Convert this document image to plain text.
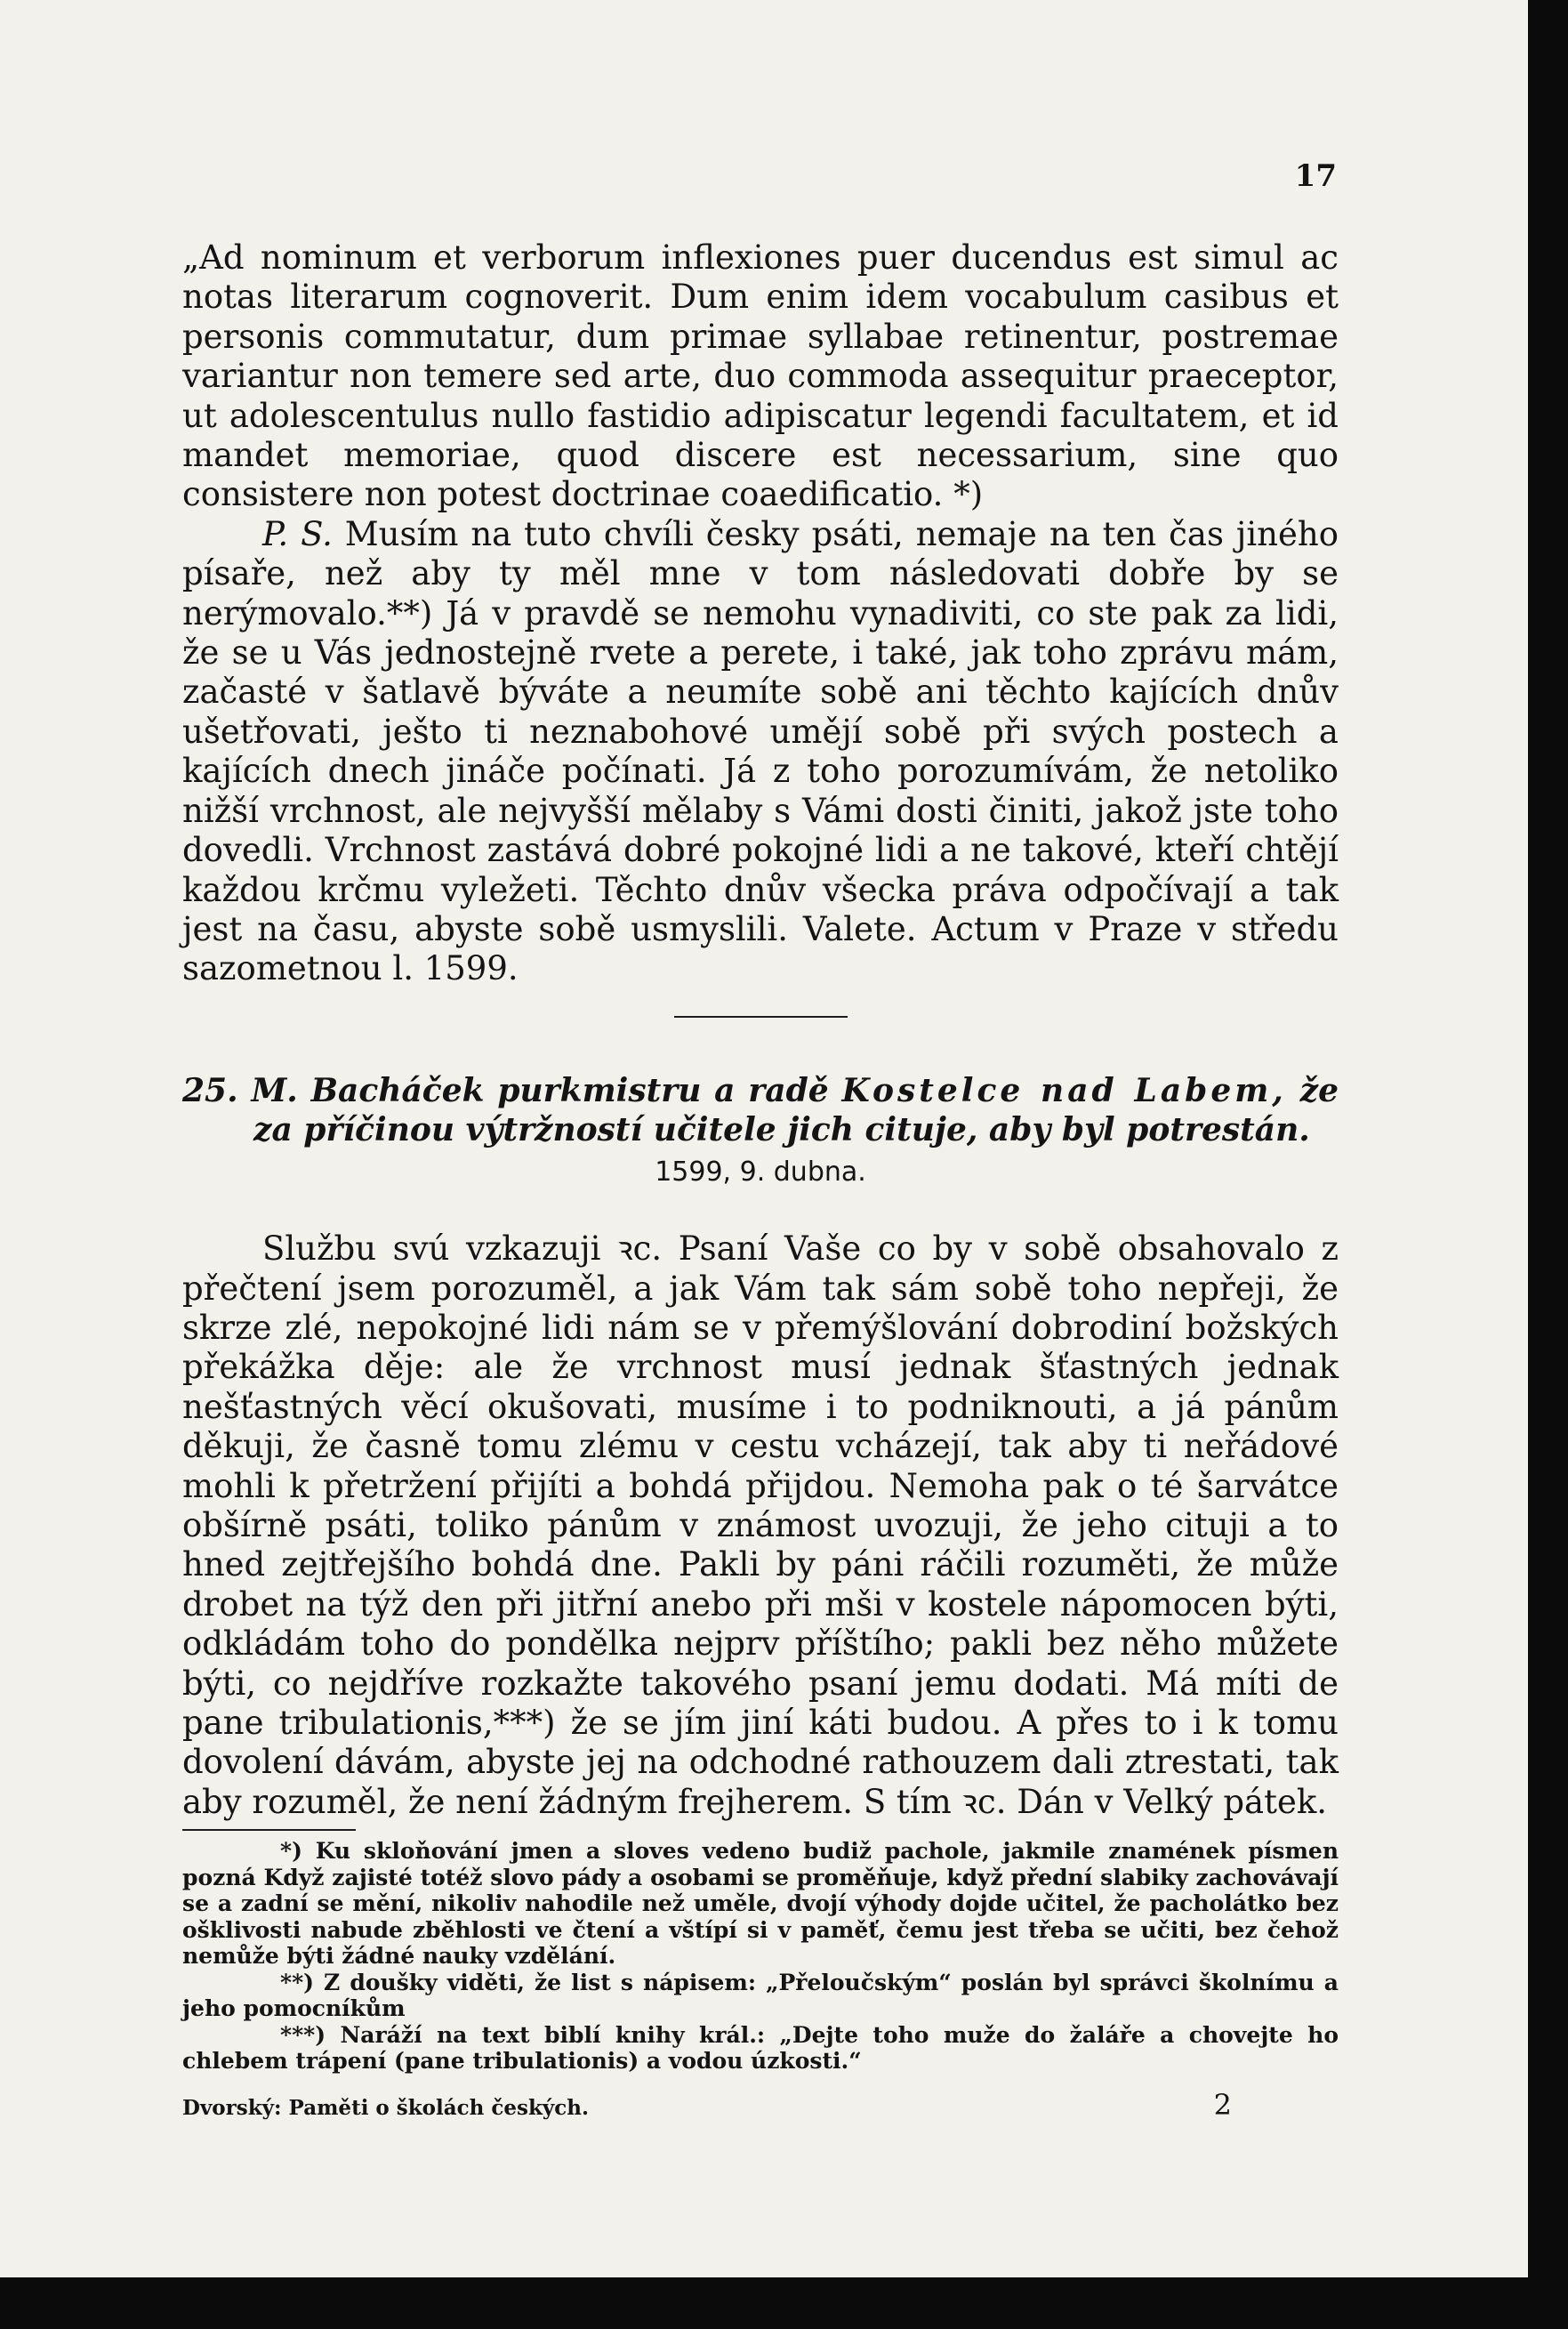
17

„Ad nominum et verborum inflexiones puer ducendus est simul ac notas literarum cognoverit. Dum enim idem vocabulum casibus et personis commutatur, dum primae syllabae retinentur, postremae variantur non temere sed arte, duo commoda assequitur praeceptor, ut adolescentulus nullo fastidio adipiscatur legendi facultatem, et id mandet memoriae, quod discere est necessarium, sine quo consistere non potest doctrinae coaedificatio. *)

P. S. Musím na tuto chvíli česky psáti, nemaje na ten čas jiného písaře, než aby ty měl mne v tom následovati dobře by se nerýmovalo.**) Já v pravdě se nemohu vynadiviti, co ste pak za lidi, že se u Vás jednostejně rvete a perete, i také, jak toho zprávu mám, začasté v šatlavě býváte a neumíte sobě ani těchto kajících dnův ušetřovati, ješto ti neznabohové umějí sobě při svých postech a kajících dnech jináče počínati. Já z toho porozumívám, že netoliko nižší vrchnost, ale nejvyšší mělaby s Vámi dosti činiti, jakož jste toho dovedli. Vrchnost zastává dobré pokojné lidi a ne takové, kteří chtějí každou krčmu vyležeti. Těchto dnův všecka práva odpočívají a tak jest na času, abyste sobě usmyslili. Valete. Actum v Praze v středu sazometnou l. 1599.

25. M. Bacháček purkmistru a radě Kostelce nad Labem, že za příčinou výtržností učitele jich cituje, aby byl potrestán.
1599, 9. dubna.

Službu svú vzkazuji ꝛc. Psaní Vaše co by v sobě obsahovalo z přečtení jsem porozuměl, a jak Vám tak sám sobě toho nepřeji, že skrze zlé, nepokojné lidi nám se v přemýšlování dobrodiní božských překážka děje: ale že vrchnost musí jednak šťastných jednak nešťastných věcí okušovati, musíme i to podniknouti, a já pánům děkuji, že časně tomu zlému v cestu vcházejí, tak aby ti neřádové mohli k přetržení přijíti a bohdá přijdou. Nemoha pak o té šarvátce obšírně psáti, toliko pánům v známost uvozuji, že jeho cituji a to hned zejtřejšího bohdá dne. Pakli by páni ráčili rozuměti, že může drobet na týž den při jitřní anebo při mši v kostele nápomocen býti, odkládám toho do pondělka nejprv příštího; pakli bez něho můžete býti, co nejdříve rozkažte takového psaní jemu dodati. Má míti de pane tribulationis,***) že se jím jiní káti budou. A přes to i k tomu dovolení dávám, abyste jej na odchodné rathouzem dali ztrestati, tak aby rozuměl, že není žádným frejherem. S tím ꝛc. Dán v Velký pátek.

*) Ku skloňování jmen a sloves vedeno budiž pachole, jakmile znamének písmen pozná Když zajisté totéž slovo pády a osobami se proměňuje, když přední slabiky zachovávají se a zadní se mění, nikoliv nahodile než uměle, dvojí výhody dojde učitel, že pacholátko bez ošklivosti nabude zběhlosti ve čtení a vštípí si v paměť, čemu jest třeba se učiti, bez čehož nemůže býti žádné nauky vzdělání.

**) Z doušky viděti, že list s nápisem: „Přeloučským“ poslán byl správci školnímu a jeho pomocníkům

***) Naráží na text biblí knihy král.: „Dejte toho muže do žaláře a chovejte ho chlebem trápení (pane tribulationis) a vodou úzkosti.“

Dvorský: Paměti o školách českých.	2
